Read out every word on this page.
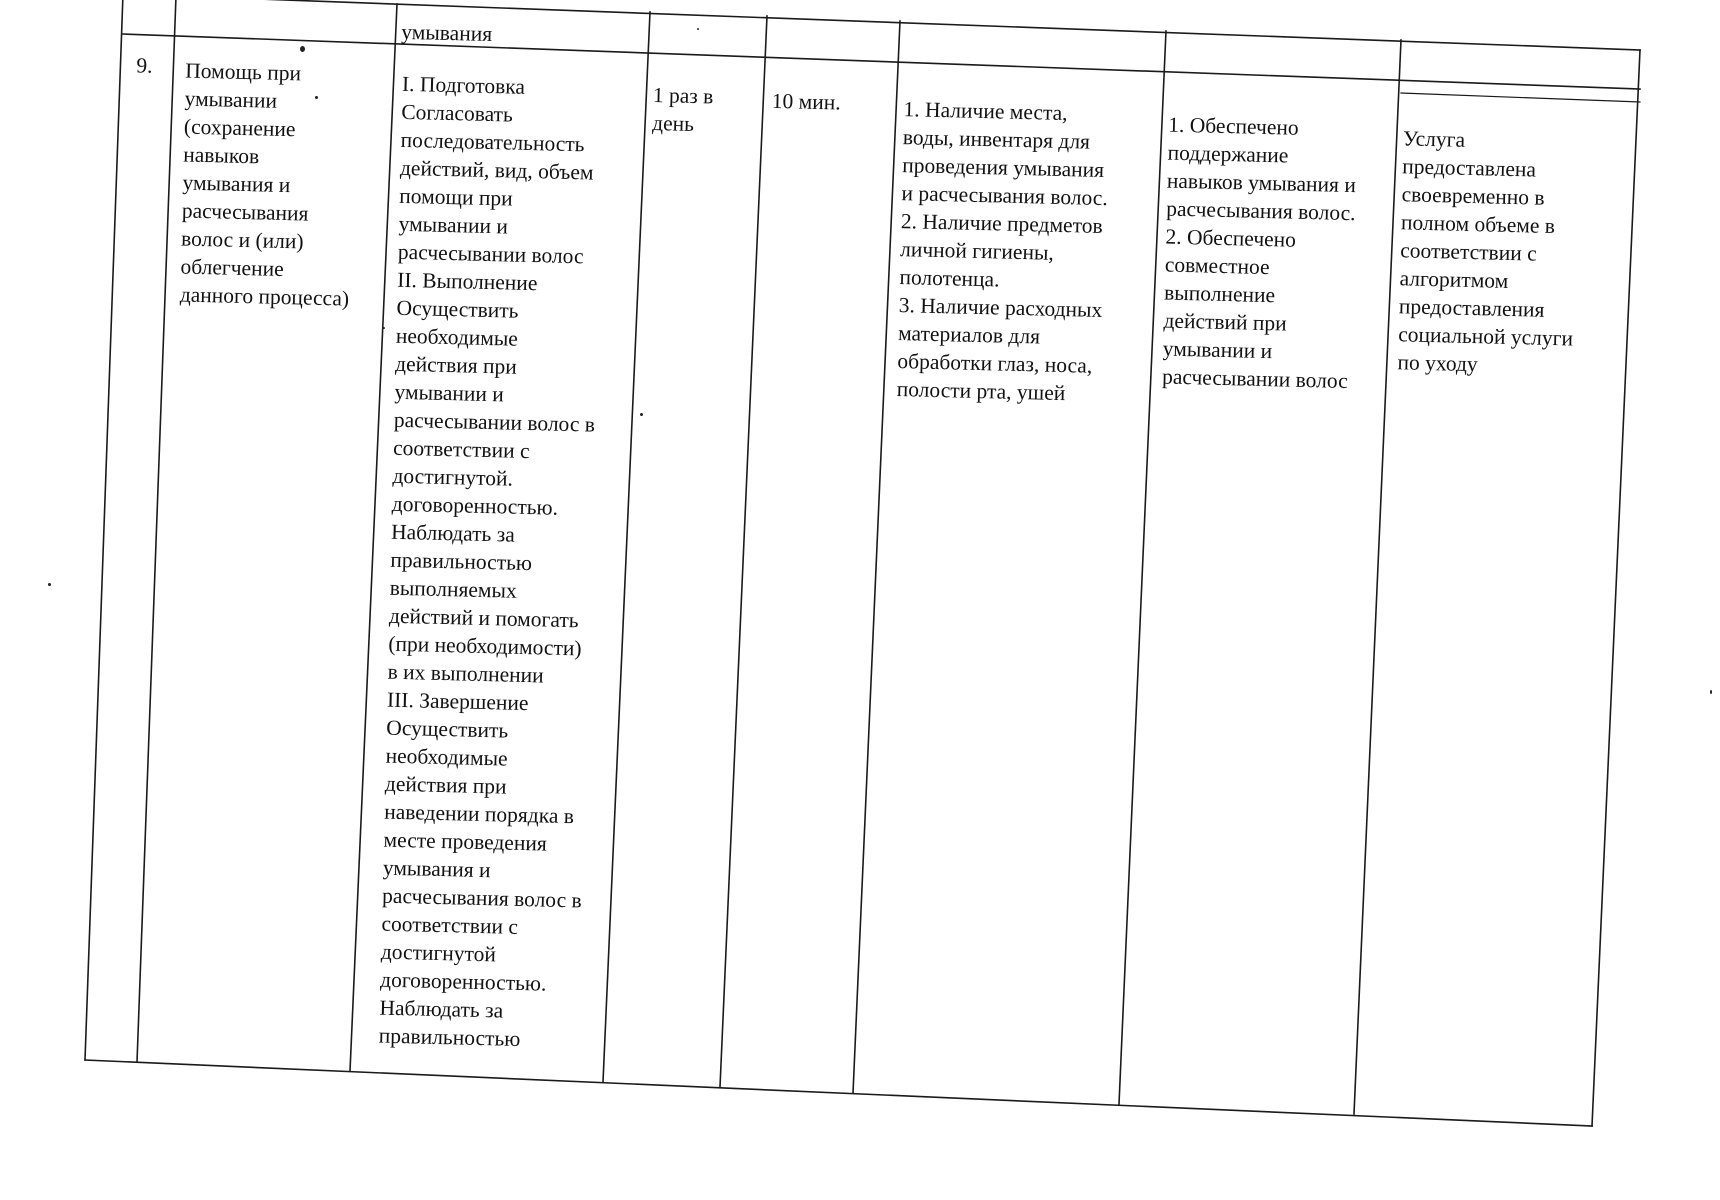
умывания
9. Помощь при
умывании
(сохранение
навыков
умывания и
расчесывания
волос и (или)
облегчение
данного процесса)
I. Подготовка
Согласовать
последовательность
действий, вид, объем
помощи при
умывании и
расчесывании волос
II. Выполнение
Осуществить
необходимые
действия при
умывании и
расчесывании волос в
соответствии с
достигнутой.
договоренностью.
Наблюдать за
правильностью
выполняемых
действий и помогать
(при необходимости)
в их выполнении
III. Завершение
Осуществить
необходимые
действия при
наведении порядка в
месте проведения
умывания и
расчесывания волос в
соответствии с
достигнутой
договоренностью.
Наблюдать за
правильностью
1 раз в
день
10 мин.	1. Наличие места,
воды, инвентаря для
проведения умывания
и расчесывания волос.
2. Наличие предметов
личной гигиены,
полотенца.
3. Наличие расходных
материалов для
обработки глаз, носа,
полости рта, ушей
1. Обеспечено
поддержание
навыков умывания и
расчесывания волос.
2. Обеспечено
совместное
выполнение
действий при
умывании и
расчесывании волос
Услуга
предоставлена
своевременно в
полном объеме в
соответствии с
алгоритмом
предоставления
социальной услуги
по уходу
